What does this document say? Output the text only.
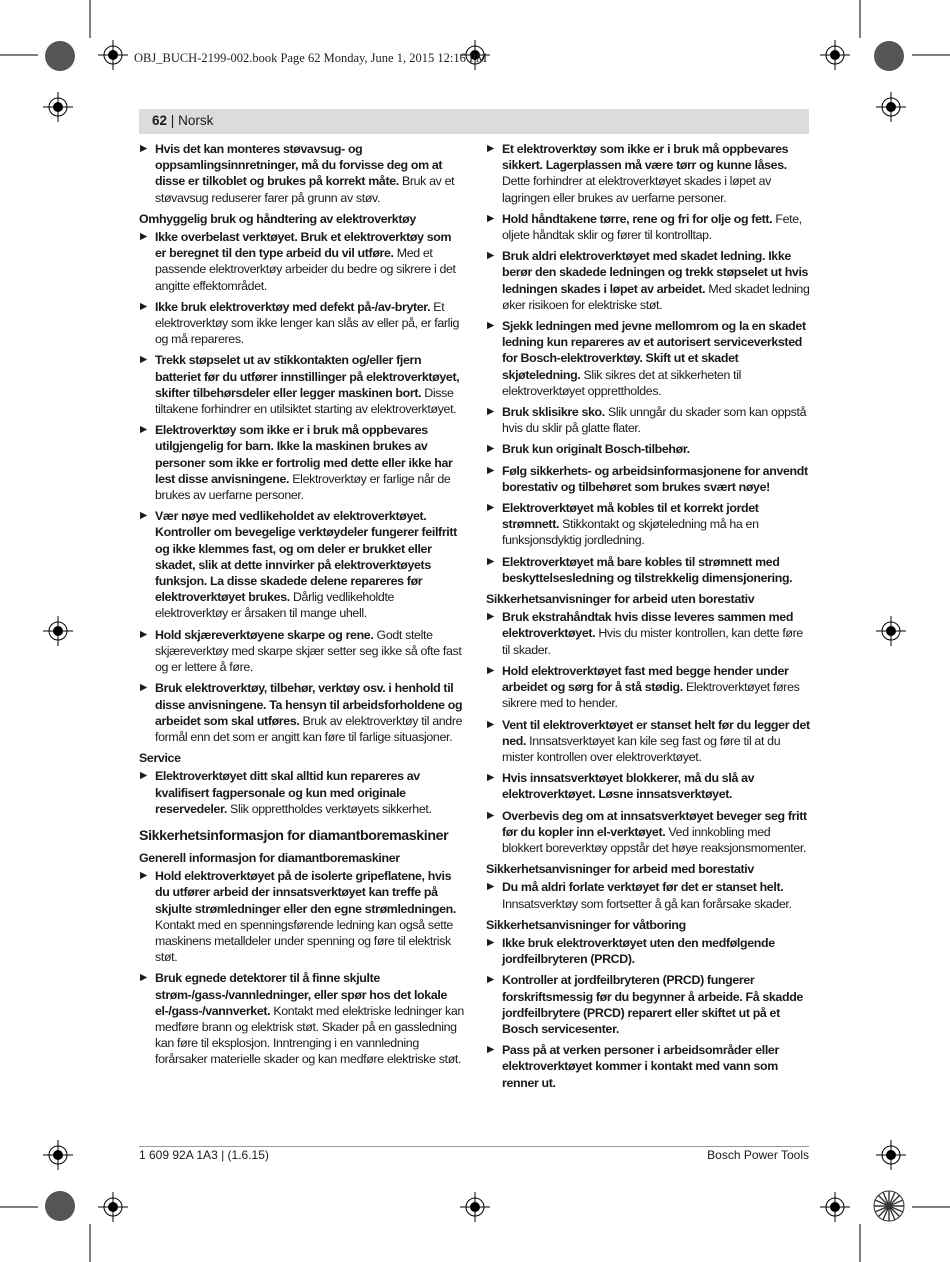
OBJ_BUCH-2199-002.book Page 62 Monday, June 1, 2015 12:16 PM
62 | Norsk
▶ Hvis det kan monteres støvavsug- og oppsamlingsinnretninger, må du forvisse deg om at disse er tilkoblet og brukes på korrekt måte. Bruk av et støvavsug reduserer farer på grunn av støv.
Omhyggelig bruk og håndtering av elektroverktøy
▶ Ikke overbelast verktøyet. Bruk et elektroverktøy som er beregnet til den type arbeid du vil utføre. Med et passende elektroverktøy arbeider du bedre og sikrere i det angitte effektområdet.
▶ Ikke bruk elektroverktøy med defekt på-/av-bryter. Et elektroverktøy som ikke lenger kan slås av eller på, er farlig og må repareres.
▶ Trekk støpselet ut av stikkontakten og/eller fjern batteriet før du utfører innstillinger på elektroverktøyet, skifter tilbehørsdeler eller legger maskinen bort. Disse tiltakene forhindrer en utilsiktet starting av elektroverktøyet.
▶ Elektroverktøy som ikke er i bruk må oppbevares utilgjengelig for barn. Ikke la maskinen brukes av personer som ikke er fortrolig med dette eller ikke har lest disse anvisningene. Elektroverktøy er farlige når de brukes av uerfarne personer.
▶ Vær nøye med vedlikeholdet av elektroverktøyet. Kontroller om bevegelige verktøydeler fungerer feilfritt og ikke klemmes fast, og om deler er brukket eller skadet, slik at dette innvirker på elektroverktøyets funksjon. La disse skadede delene repareres før elektroverktøyet brukes. Dårlig vedlikeholdte elektroverktøy er årsaken til mange uhell.
▶ Hold skjæreverktøyene skarpe og rene. Godt stelte skjæreverktøy med skarpe skjær setter seg ikke så ofte fast og er lettere å føre.
▶ Bruk elektroverktøy, tilbehør, verktøy osv. i henhold til disse anvisningene. Ta hensyn til arbeidsforholdene og arbeidet som skal utføres. Bruk av elektroverktøy til andre formål enn det som er angitt kan føre til farlige situasjoner.
Service
▶ Elektroverktøyet ditt skal alltid kun repareres av kvalifisert fagpersonale og kun med originale reservedeler. Slik opprettholdes verktøyets sikkerhet.
Sikkerhetsinformasjon for diamantboremaskiner
Generell informasjon for diamantboremaskiner
▶ Hold elektroverktøyet på de isolerte gripeflatene, hvis du utfører arbeid der innsatsverktøyet kan treffe på skjulte strømledninger eller den egne strømledningen. Kontakt med en spenningsførende ledning kan også sette maskinens metalldeler under spenning og føre til elektrisk støt.
▶ Bruk egnede detektorer til å finne skjulte strøm-/gass-/vannledninger, eller spør hos det lokale el-/gass-/vannverket. Kontakt med elektriske ledninger kan medføre brann og elektrisk støt. Skader på en gassledning kan føre til eksplosjon. Inntrenging i en vannledning forårsaker materielle skader og kan medføre elektriske støt.
▶ Et elektroverktøy som ikke er i bruk må oppbevares sikkert. Lagerplassen må være tørr og kunne låses. Dette forhindrer at elektroverktøyet skades i løpet av lagringen eller brukes av uerfarne personer.
▶ Hold håndtakene tørre, rene og fri for olje og fett. Fete, oljete håndtak sklir og fører til kontrolltap.
▶ Bruk aldri elektroverktøyet med skadet ledning. Ikke berør den skadede ledningen og trekk støpselet ut hvis ledningen skades i løpet av arbeidet. Med skadet ledning øker risikoen for elektriske støt.
▶ Sjekk ledningen med jevne mellomrom og la en skadet ledning kun repareres av et autorisert serviceverksted for Bosch-elektroverktøy. Skift ut et skadet skjøteledning. Slik sikres det at sikkerheten til elektroverktøyet opprettholdes.
▶ Bruk sklisikre sko. Slik unngår du skader som kan oppstå hvis du sklir på glatte flater.
▶ Bruk kun originalt Bosch-tilbehør.
▶ Følg sikkerhets- og arbeidsinformasjonene for anvendt borestativ og tilbehøret som brukes svært nøye!
▶ Elektroverktøyet må kobles til et korrekt jordet strømnett. Stikkontakt og skjøteledning må ha en funksjonsdyktig jordledning.
▶ Elektroverktøyet må bare kobles til strømnett med beskyttelsesledning og tilstrekkelig dimensjonering.
Sikkerhetsanvisninger for arbeid uten borestativ
▶ Bruk ekstrahåndtak hvis disse leveres sammen med elektroverktøyet. Hvis du mister kontrollen, kan dette føre til skader.
▶ Hold elektroverktøyet fast med begge hender under arbeidet og sørg for å stå stødig. Elektroverktøyet føres sikrere med to hender.
▶ Vent til elektroverktøyet er stanset helt før du legger det ned. Innsatsverktøyet kan kile seg fast og føre til at du mister kontrollen over elektroverktøyet.
▶ Hvis innsatsverktøyet blokkerer, må du slå av elektroverktøyet. Løsne innsatsverktøyet.
▶ Overbevis deg om at innsatsverktøyet beveger seg fritt før du kopler inn el-verktøyet. Ved innkobling med blokkert boreverktøy oppstår det høye reaksjonsmomenter.
Sikkerhetsanvisninger for arbeid med borestativ
▶ Du må aldri forlate verktøyet før det er stanset helt. Innsatsverktøy som fortsetter å gå kan forårsake skader.
Sikkerhetsanvisninger for våtboring
▶ Ikke bruk elektroverktøyet uten den medfølgende jordfeilbryteren (PRCD).
▶ Kontroller at jordfeilbryteren (PRCD) fungerer forskriftsmessig før du begynner å arbeide. Få skadde jordfeilbrytere (PRCD) reparert eller skiftet ut på et Bosch servicesenter.
▶ Pass på at verken personer i arbeidsområder eller elektroverktøyet kommer i kontakt med vann som renner ut.
1 609 92A 1A3 | (1.6.15)	Bosch Power Tools
